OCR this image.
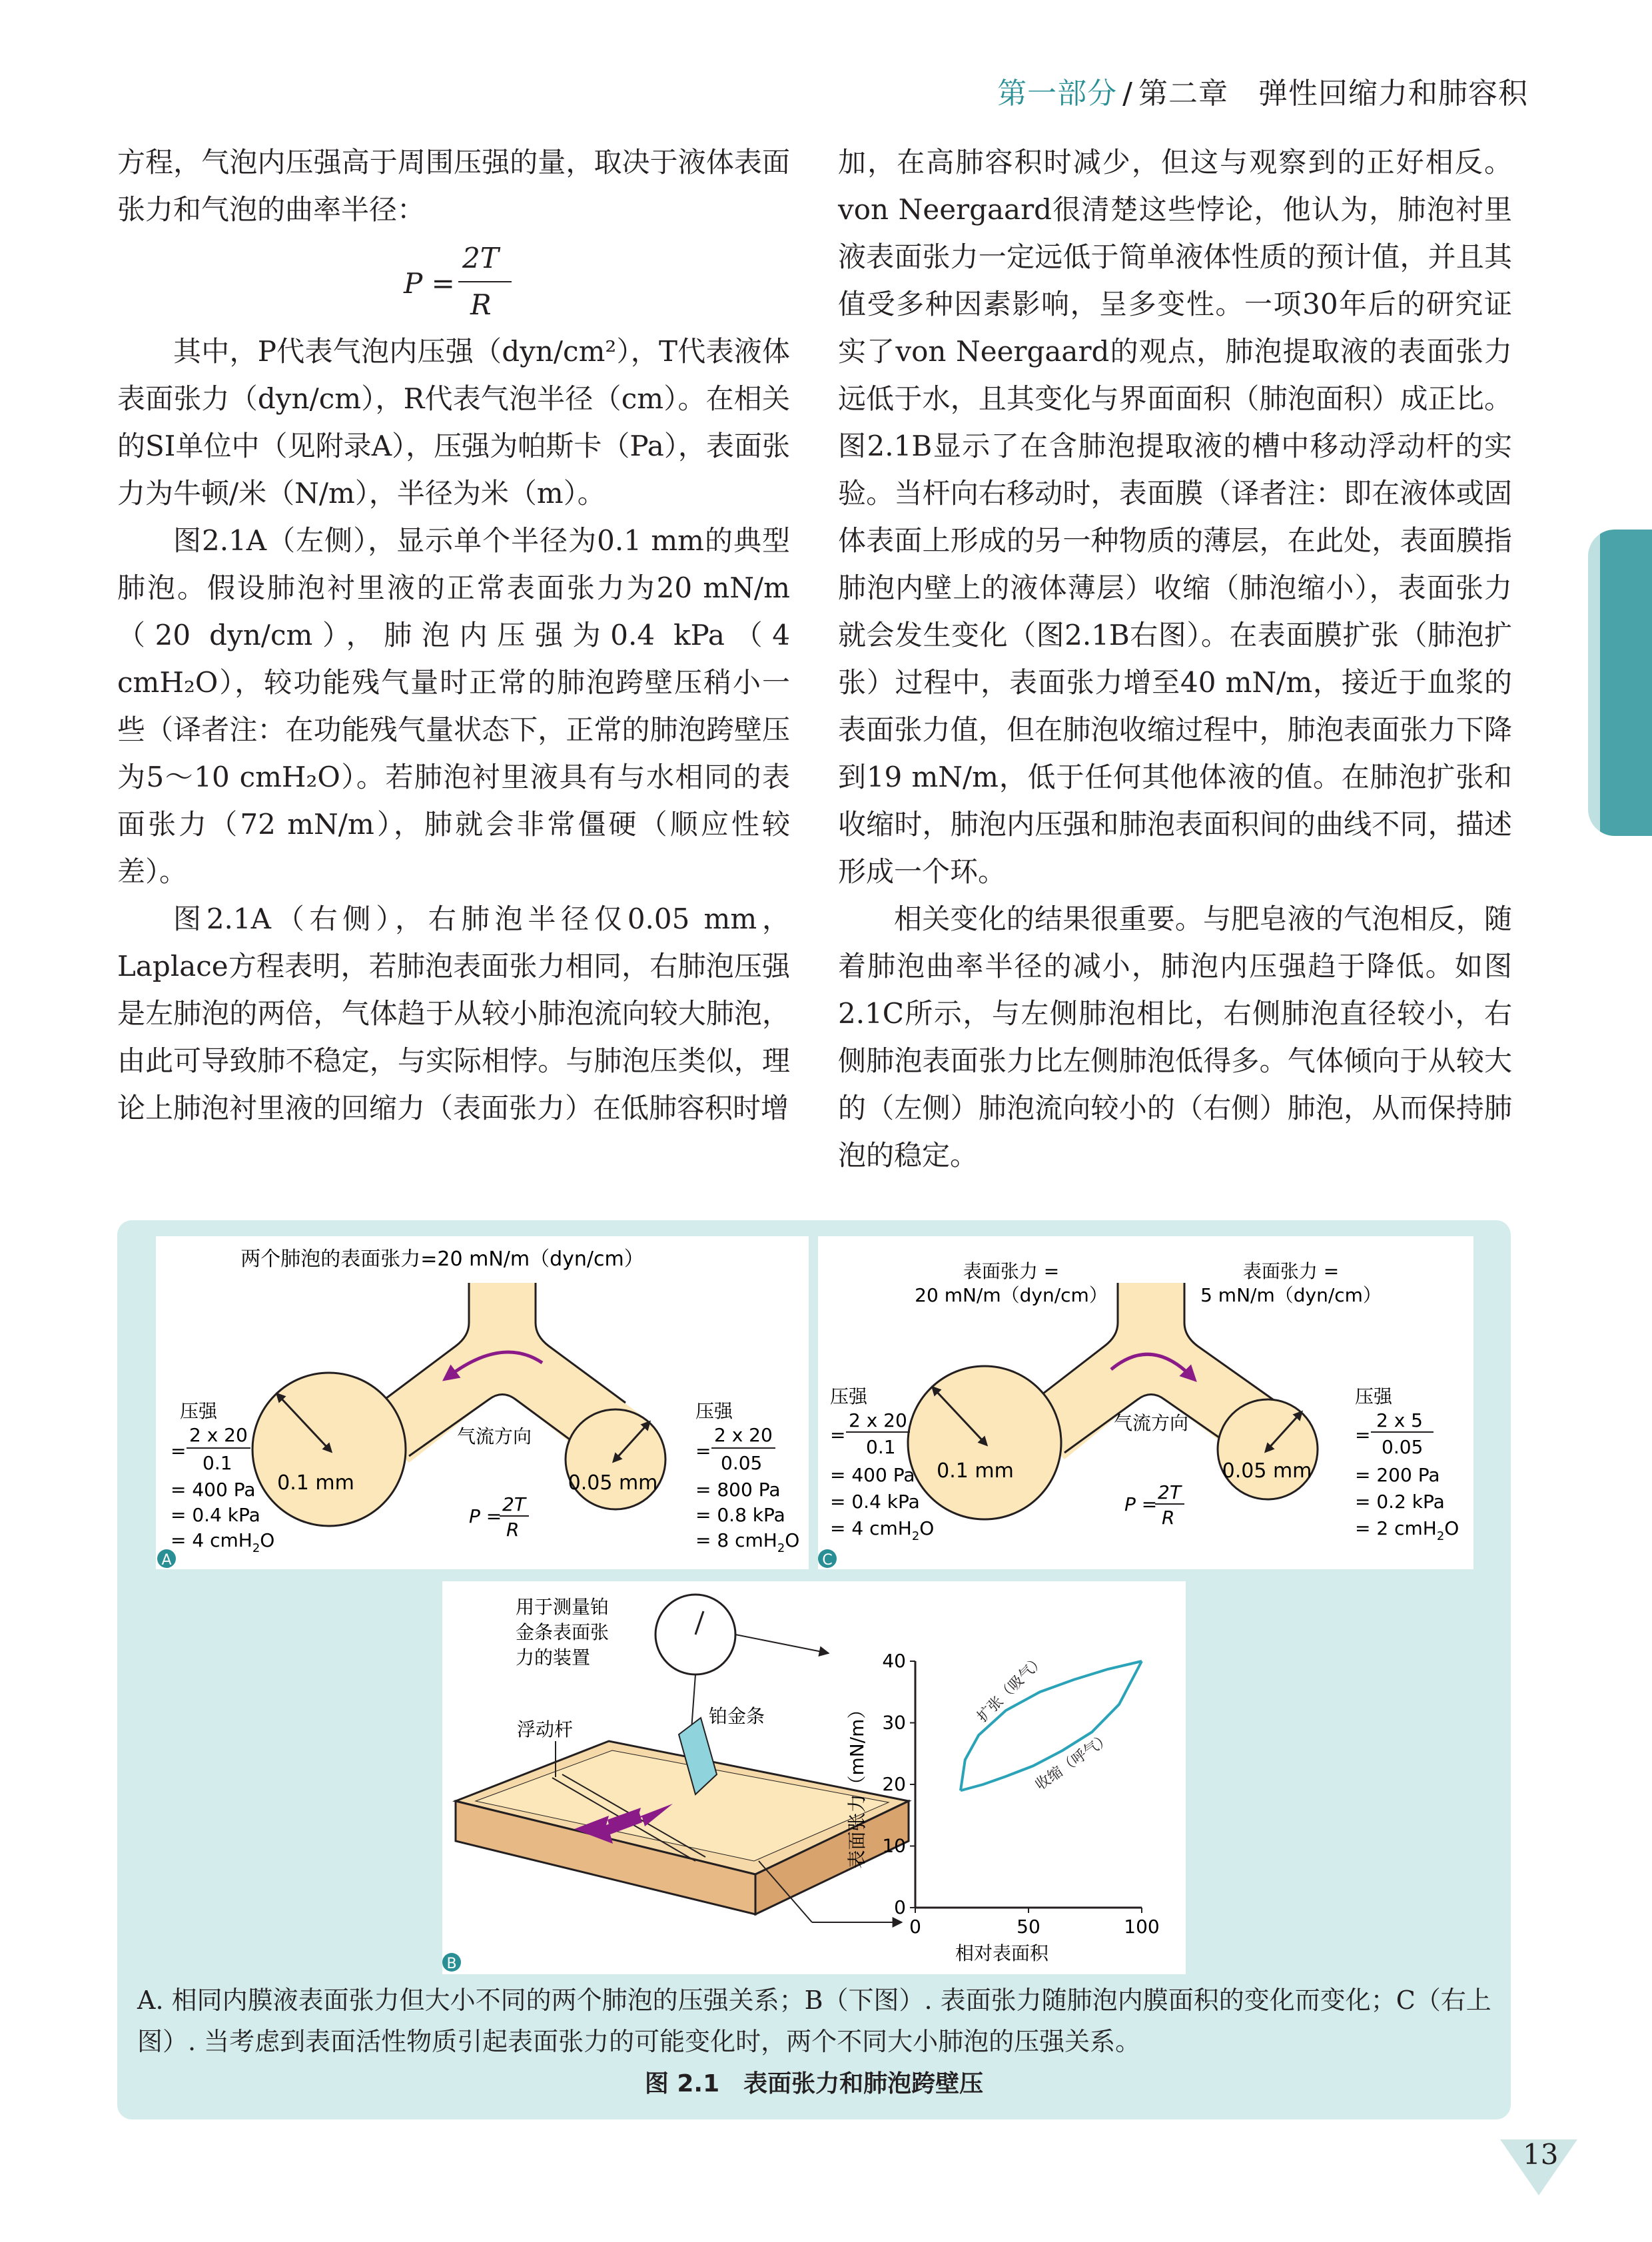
第一部分 / 第二章　 弹性回缩力和肺容积

方程，气泡内压强高于周围压强的量，取决于液体表面张力和气泡的曲率半径：

P =
2T
R

其中，P代表气泡内压强（dyn/cm²），T代表液体表面张力（dyn/cm），R代表气泡半径（cm）。在相关的SI单位中（见附录A），压强为帕斯卡（Pa），表面张力为牛顿/米（N/m），半径为米（m）。

图2.1A（左侧），显示单个半径为0.1 mm的典型肺泡。假设肺泡衬里液的正常表面张力为20 mN/m（20 dyn/cm），肺泡内压强为0.4 kPa（4 cmH₂O），较功能残气量时正常的肺泡跨壁压稍小一些（译者注：在功能残气量状态下，正常的肺泡跨壁压为5～10 cmH₂O）。若肺泡衬里液具有与水相同的表面张力（72 mN/m），肺就会非常僵硬（顺应性较差）。

图2.1A（右侧），右肺泡半径仅0.05 mm，Laplace方程表明，若肺泡表面张力相同，右肺泡压强是左肺泡的两倍，气体趋于从较小肺泡流向较大肺泡，由此可导致肺不稳定，与实际相悖。与肺泡压类似，理论上肺泡衬里液的回缩力（表面张力）在低肺容积时增

加，在高肺容积时减少，但这与观察到的正好相反。von Neergaard很清楚这些悖论，他认为，肺泡衬里液表面张力一定远低于简单液体性质的预计值，并且其值受多种因素影响，呈多变性。一项30年后的研究证实了von Neergaard的观点，肺泡提取液的表面张力远低于水，且其变化与界面面积（肺泡面积）成正比。图2.1B显示了在含肺泡提取液的槽中移动浮动杆的实验。当杆向右移动时，表面膜（译者注：即在液体或固体表面上形成的另一种物质的薄层，在此处，表面膜指肺泡内壁上的液体薄层）收缩（肺泡缩小），表面张力就会发生变化（图2.1B右图）。在表面膜扩张（肺泡扩张）过程中，表面张力增至40 mN/m，接近于血浆的表面张力值，但在肺泡收缩过程中，肺泡表面张力下降到19 mN/m，低于任何其他体液的值。在肺泡扩张和收缩时，肺泡内压强和肺泡表面积间的曲线不同，描述形成一个环。

相关变化的结果很重要。与肥皂液的气泡相反，随着肺泡曲率半径的减小，肺泡内压强趋于降低。如图2.1C所示，与左侧肺泡相比，右侧肺泡直径较小，右侧肺泡表面张力比左侧肺泡低得多。气体倾向于从较大的（左侧）肺泡流向较小的（右侧）肺泡，从而保持肺泡的稳定。

两个肺泡的表面张力=20 mN/m（dyn/cm）
气流方向
0.1 mm	0.05 mm
压强
=
2 x 20
0.1
= 400 Pa
= 0.4 kPa
= 4 cmH$_2$O
压强
=
2 x 20
0.05
= 800 Pa
= 0.8 kPa
= 8 cmH$_2$O
P =
2T
R
A
气流方向
表面张力 =
20 mN/m（dyn/cm）
表面张力 =
5 mN/m（dyn/cm）
0.1 mm	0.05 mm
压强
=
2 x 20
0.1
= 400 Pa
= 0.4 kPa
= 4 cmH$_2$O
压强
=
2 x 5
0.05
= 200 Pa
= 0.2 kPa
= 2 cmH$_2$O
P =
2T
R
C
用于测量铂
金条表面张
力的装置
浮动杆
铂金条
0
10
20
30
40
0	50	100
相对表面积
表面张力（mN/m）
扩张（吸气）
收缩（呼气）
B
A. 相同内膜液表面张力但大小不同的两个肺泡的压强关系；B（下图）. 表面张力随肺泡内膜面积的变化而变化；C（右上图）. 当考虑到表面活性物质引起表面张力的可能变化时，两个不同大小肺泡的压强关系。
图 2.1　表面张力和肺泡跨壁压
13
